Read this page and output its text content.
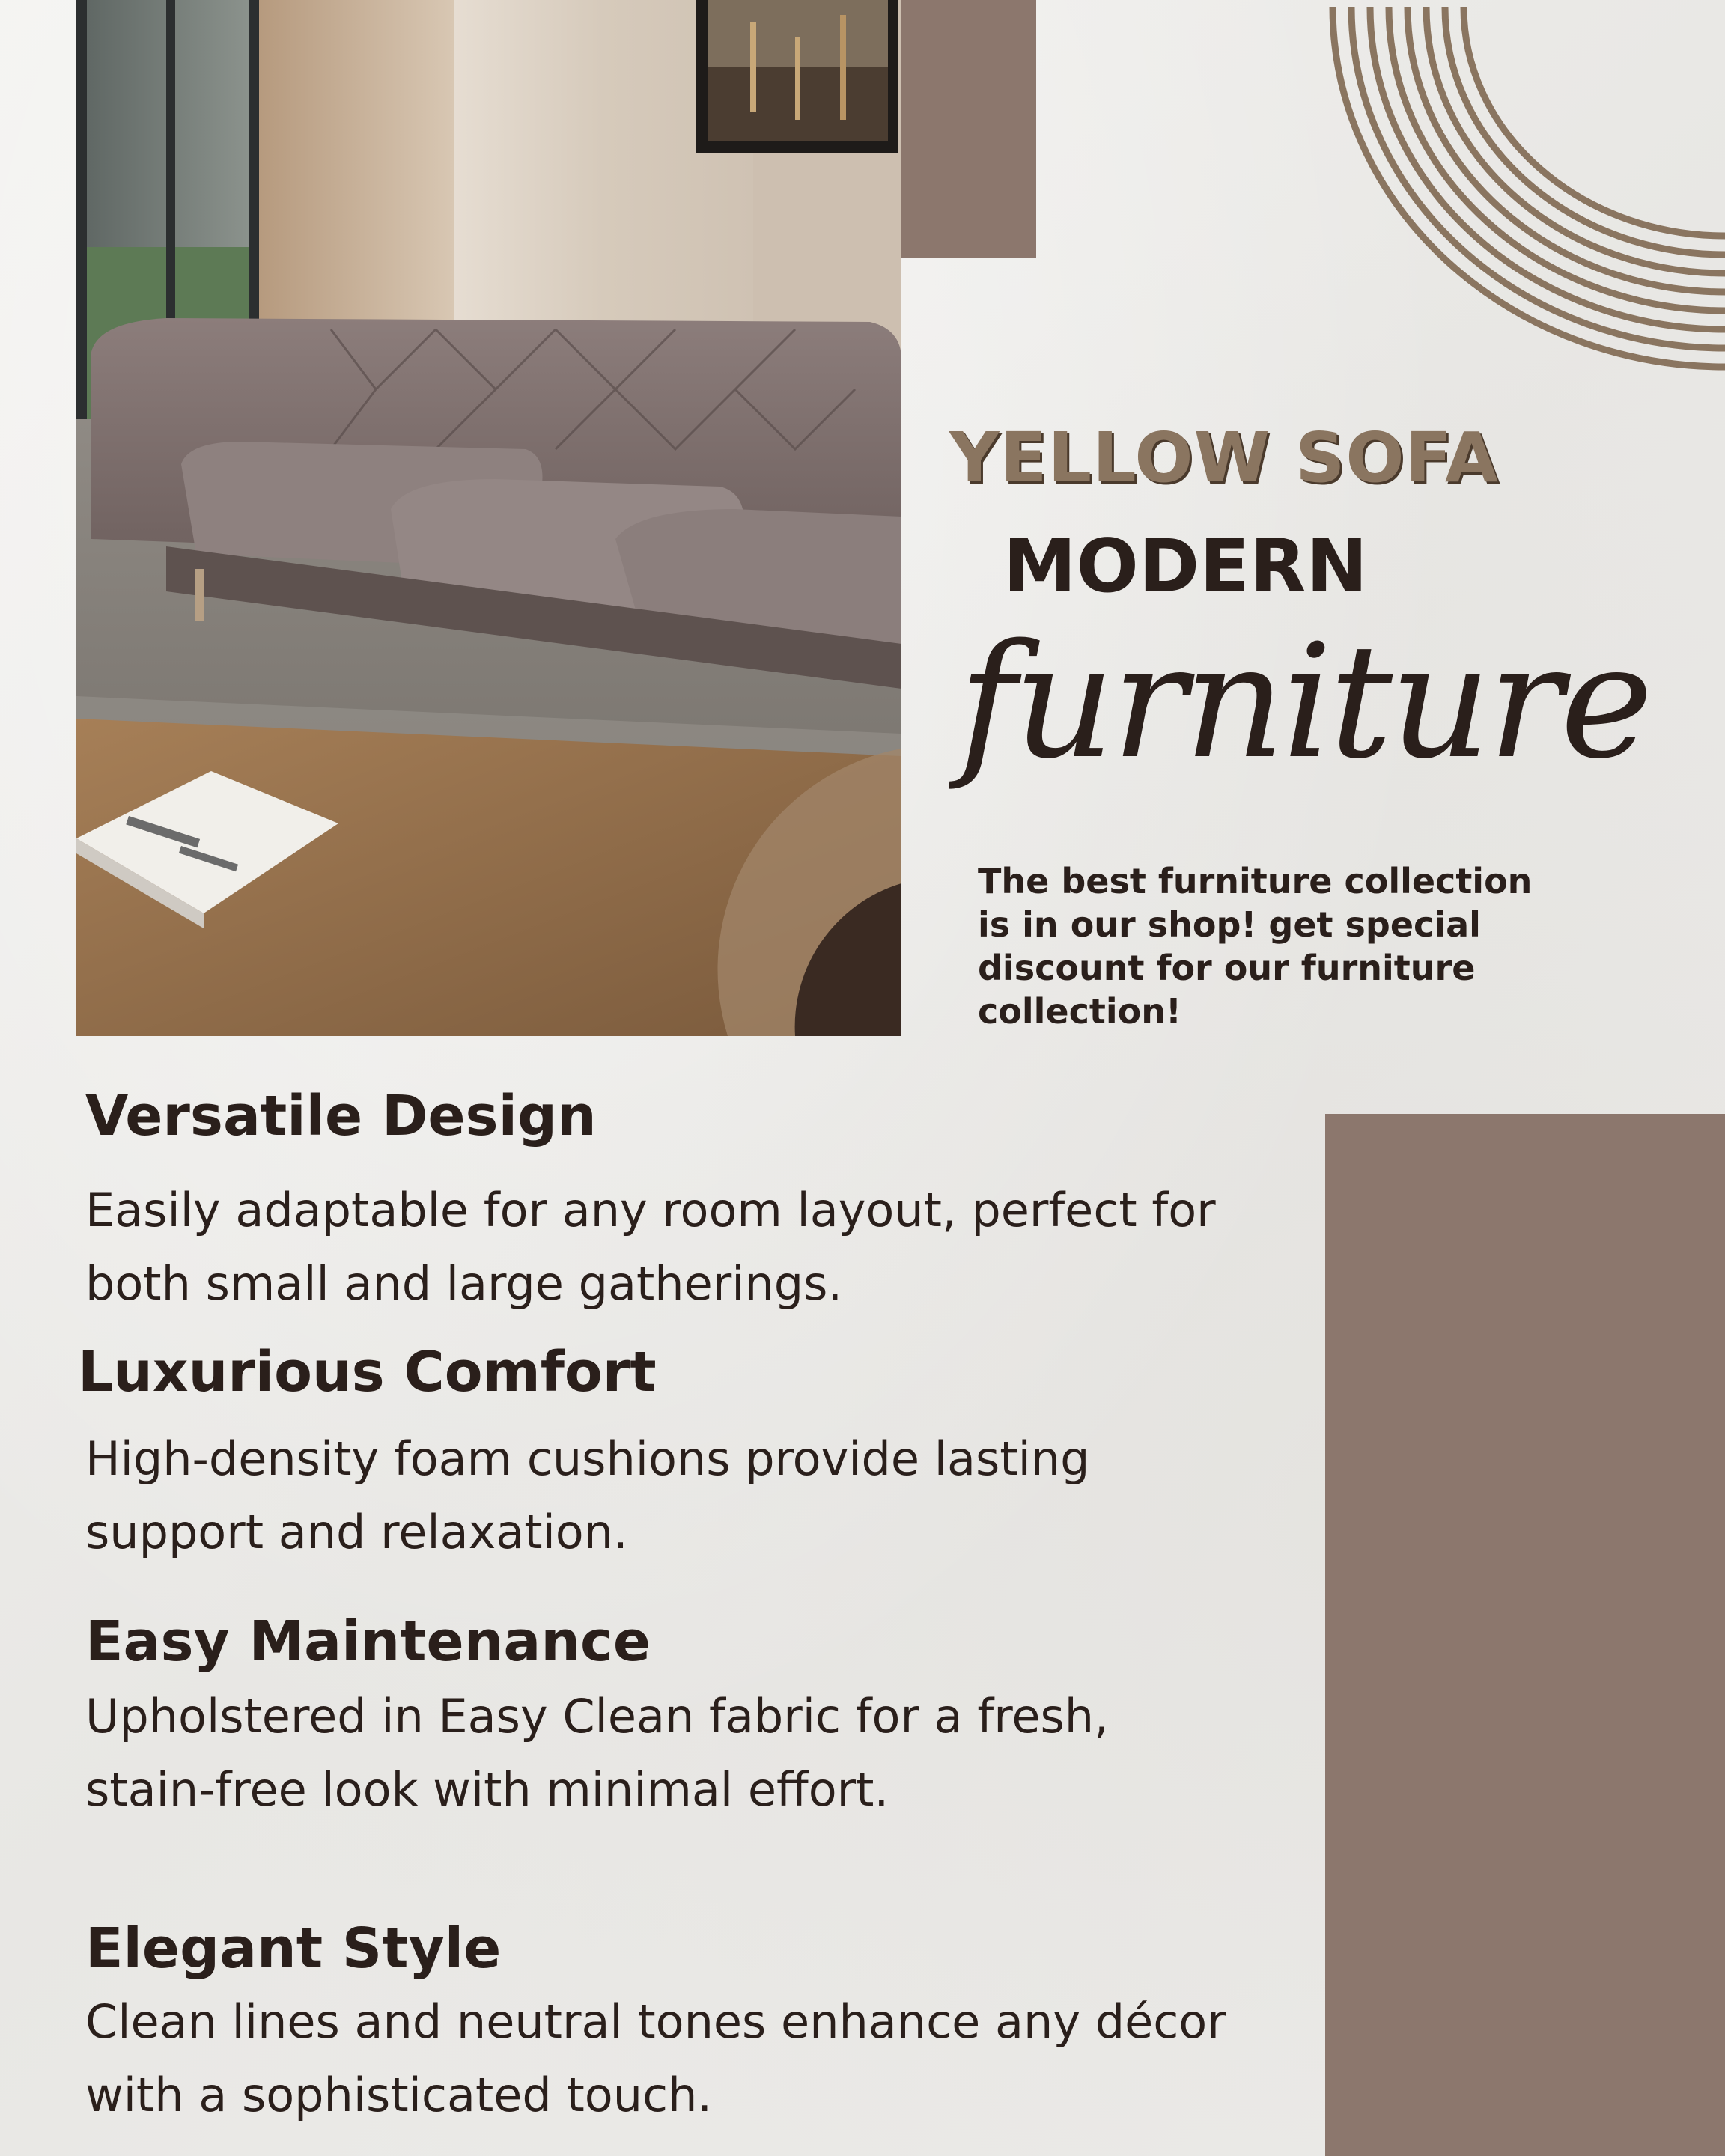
YELLOW SOFA
MODERN
furniture
The best furniture collection is in our shop! get special discount for our furniture collection!
Versatile Design
Easily adaptable for any room layout, perfect for both small and large gatherings.
Luxurious Comfort
High-density foam cushions provide lasting support and relaxation.
Easy Maintenance
Upholstered in Easy Clean fabric for a fresh, stain-free look with minimal effort.
Elegant Style
Clean lines and neutral tones enhance any décor with a sophisticated touch.
